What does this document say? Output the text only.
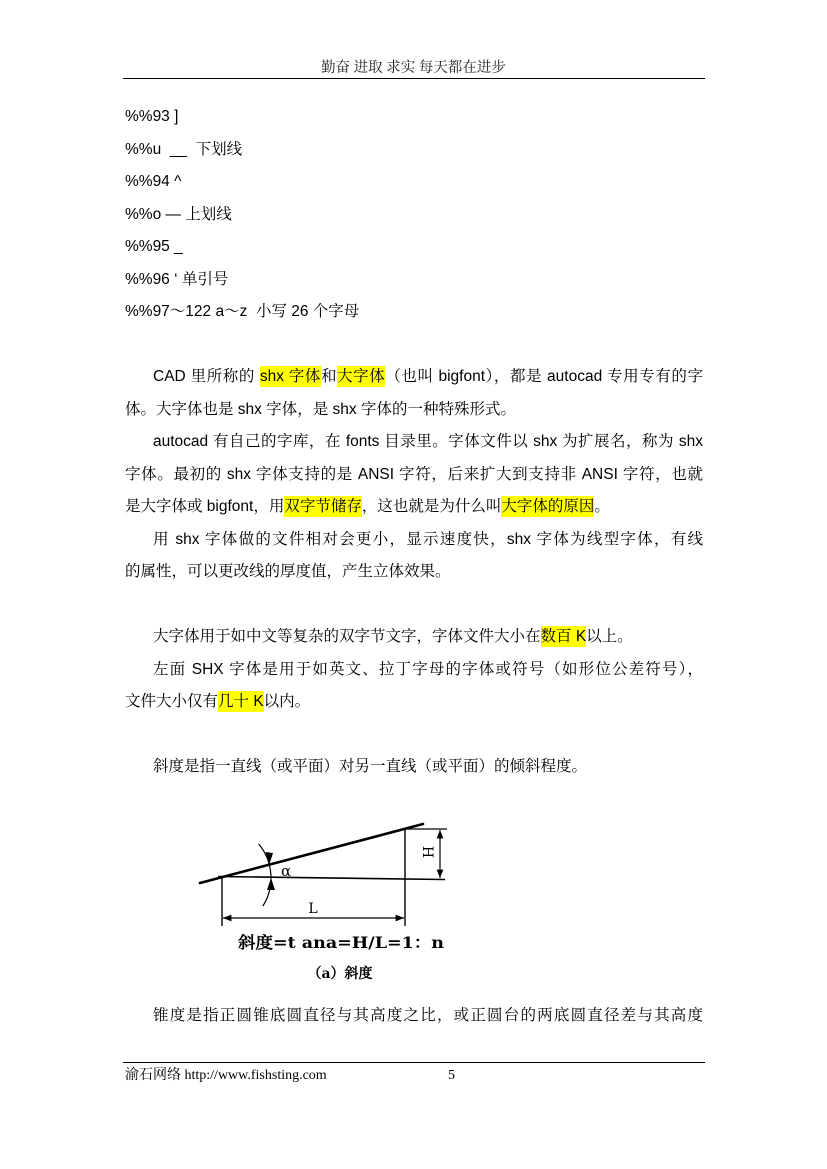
勤奋 进取 求实 每天都在进步
%%93 ]
%%u  __  下划线
%%94 ^
%%o — 上划线
%%95 _
%%96 ‘ 单引号
%%97～122 a～z  小写 26 个字母
CAD 里所称的 shx 字体和大字体（也叫 bigfont），都是 autocad 专用专有的字
体。大字体也是 shx 字体，是 shx 字体的一种特殊形式。
autocad 有自己的字库，在 fonts 目录里。字体文件以 shx 为扩展名，称为 shx
字体。最初的 shx 字体支持的是 ANSI 字符，后来扩大到支持非 ANSI 字符，也就
是大字体或 bigfont，用双字节储存，这也就是为什么叫大字体的原因。
用 shx 字体做的文件相对会更小，显示速度快，shx 字体为线型字体，有线
的属性，可以更改线的厚度值，产生立体效果。
大字体用于如中文等复杂的双字节文字，字体文件大小在数百 K以上。
左面 SHX 字体是用于如英文、拉丁字母的字体或符号（如形位公差符号），
文件大小仅有几十 K以内。
斜度是指一直线（或平面）对另一直线（或平面）的倾斜程度。
α
H
L
斜度=t ana=H/L=1：n
（a）斜度
锥度是指正圆锥底圆直径与其高度之比，或正圆台的两底圆直径差与其高度
渝石网络 http://www.fishsting.com	5
